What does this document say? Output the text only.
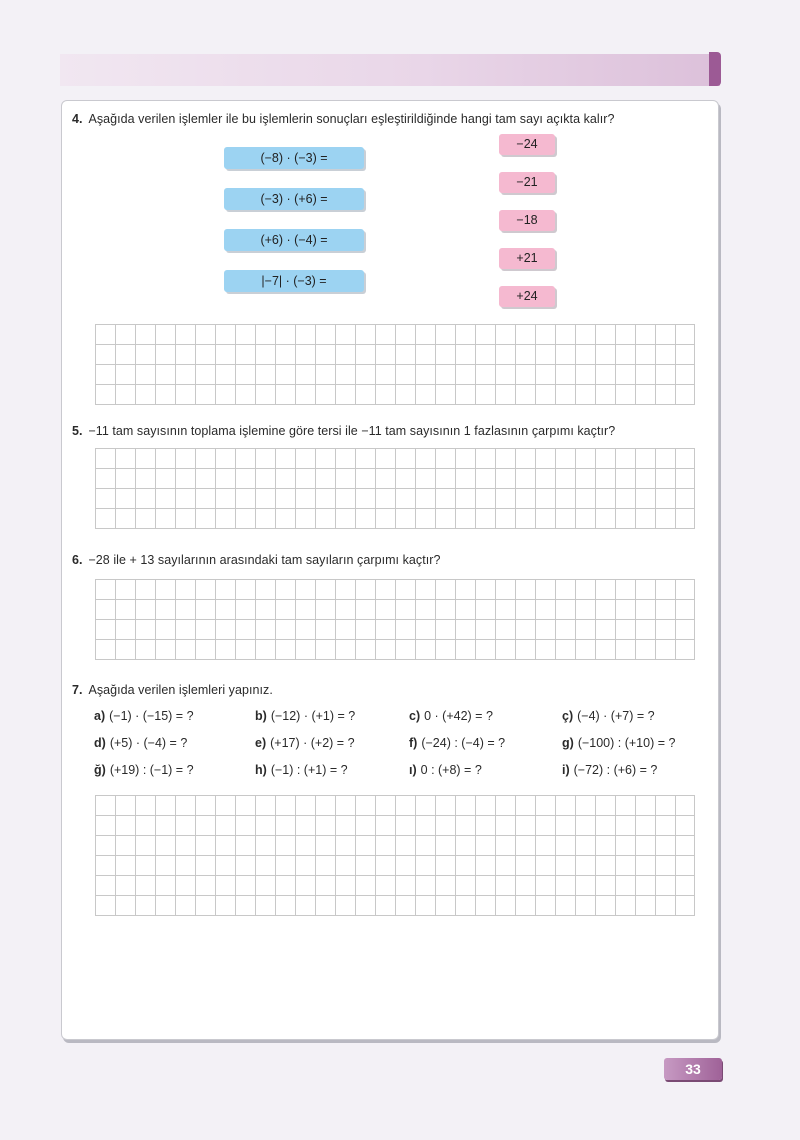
4. Aşağıda verilen işlemler ile bu işlemlerin sonuçları eşleştirildiğinde hangi tam sayı açıkta kalır?
(−8) · (−3) =
(−3) · (+6) =
(+6) · (−4) =
|−7| · (−3) =
−24
−21
−18
+21
+24
5. −11 tam sayısının toplama işlemine göre tersi ile −11 tam sayısının 1 fazlasının çarpımı kaçtır?
6. −28 ile + 13 sayılarının arasındaki tam sayıların çarpımı kaçtır?
7. Aşağıda verilen işlemleri yapınız.
a) (−1) · (−15) = ?	b) (−12) · (+1) = ?	c) 0 · (+42) = ?	ç) (−4) · (+7) = ?
d) (+5) · (−4) = ?	e) (+17) · (+2) = ?	f) (−24) : (−4) = ?	g) (−100) : (+10) = ?
ğ) (+19) : (−1) = ?	h) (−1) : (+1) = ?	ı) 0 : (+8) = ?	i) (−72) : (+6) = ?
33
